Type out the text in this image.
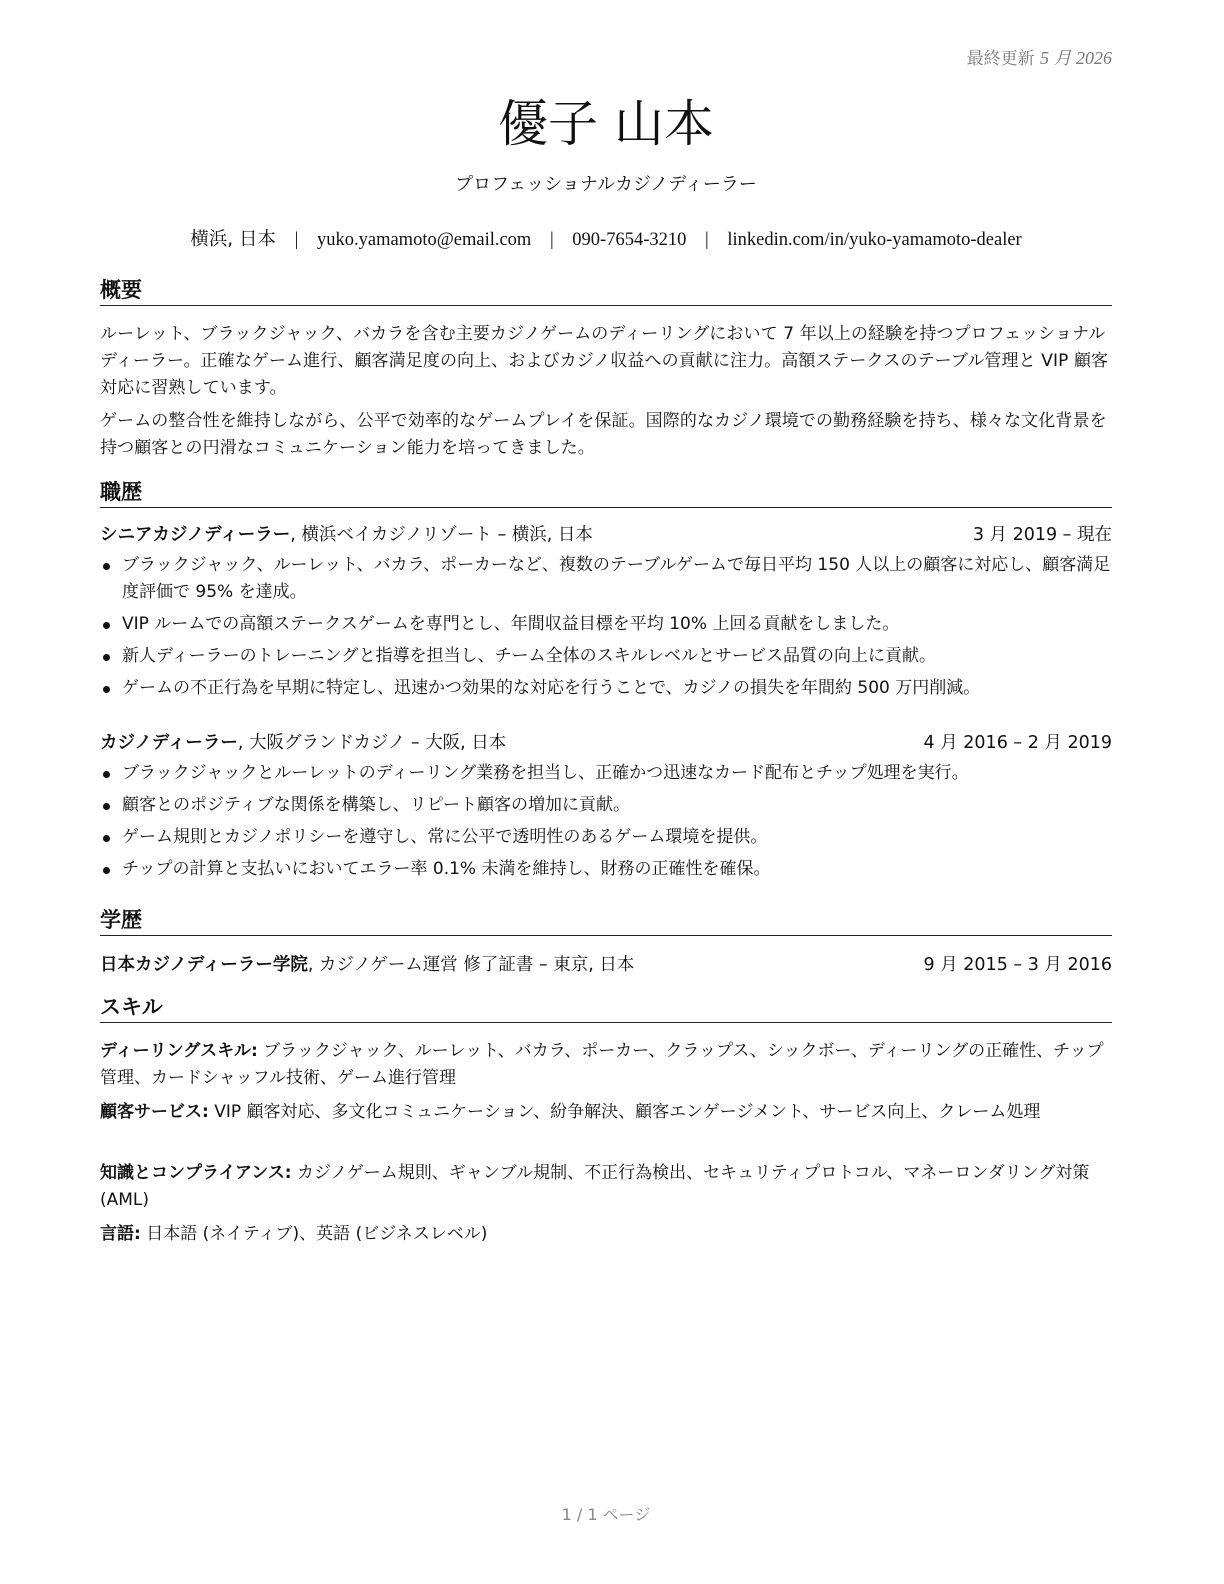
最終更新 5 月 2026
優子 山本
プロフェッショナルカジノディーラー
横浜, 日本 | yuko.yamamoto@email.com | 090-7654-3210 | linkedin.com/in/yuko-yamamoto-dealer
概要
ルーレット、ブラックジャック、バカラを含む主要カジノゲームのディーリングにおいて 7 年以上の経験を持つプロフェッショナルディーラー。正確なゲーム進行、顧客満足度の向上、およびカジノ収益への貢献に注力。高額ステークスのテーブル管理と VIP 顧客対応に習熟しています。
ゲームの整合性を維持しながら、公平で効率的なゲームプレイを保証。国際的なカジノ環境での勤務経験を持ち、様々な文化背景を持つ顧客との円滑なコミュニケーション能力を培ってきました。
職歴
シニアカジノディーラー, 横浜ベイカジノリゾート – 横浜, 日本	3 月 2019 – 現在
ブラックジャック、ルーレット、バカラ、ポーカーなど、複数のテーブルゲームで毎日平均 150 人以上の顧客に対応し、顧客満足度評価で 95% を達成。
VIP ルームでの高額ステークスゲームを専門とし、年間収益目標を平均 10% 上回る貢献をしました。
新人ディーラーのトレーニングと指導を担当し、チーム全体のスキルレベルとサービス品質の向上に貢献。
ゲームの不正行為を早期に特定し、迅速かつ効果的な対応を行うことで、カジノの損失を年間約 500 万円削減。
カジノディーラー, 大阪グランドカジノ – 大阪, 日本	4 月 2016 – 2 月 2019
ブラックジャックとルーレットのディーリング業務を担当し、正確かつ迅速なカード配布とチップ処理を実行。
顧客とのポジティブな関係を構築し、リピート顧客の増加に貢献。
ゲーム規則とカジノポリシーを遵守し、常に公平で透明性のあるゲーム環境を提供。
チップの計算と支払いにおいてエラー率 0.1% 未満を維持し、財務の正確性を確保。
学歴
日本カジノディーラー学院, カジノゲーム運営 修了証書 – 東京, 日本	9 月 2015 – 3 月 2016
スキル
ディーリングスキル: ブラックジャック、ルーレット、バカラ、ポーカー、クラップス、シックボー、ディーリングの正確性、チップ管理、カードシャッフル技術、ゲーム進行管理
顧客サービス: VIP 顧客対応、多文化コミュニケーション、紛争解決、顧客エンゲージメント、サービス向上、クレーム処理
知識とコンプライアンス: カジノゲーム規則、ギャンブル規制、不正行為検出、セキュリティプロトコル、マネーロンダリング対策 (AML)
言語: 日本語 (ネイティブ)、英語 (ビジネスレベル)
1 / 1 ページ
